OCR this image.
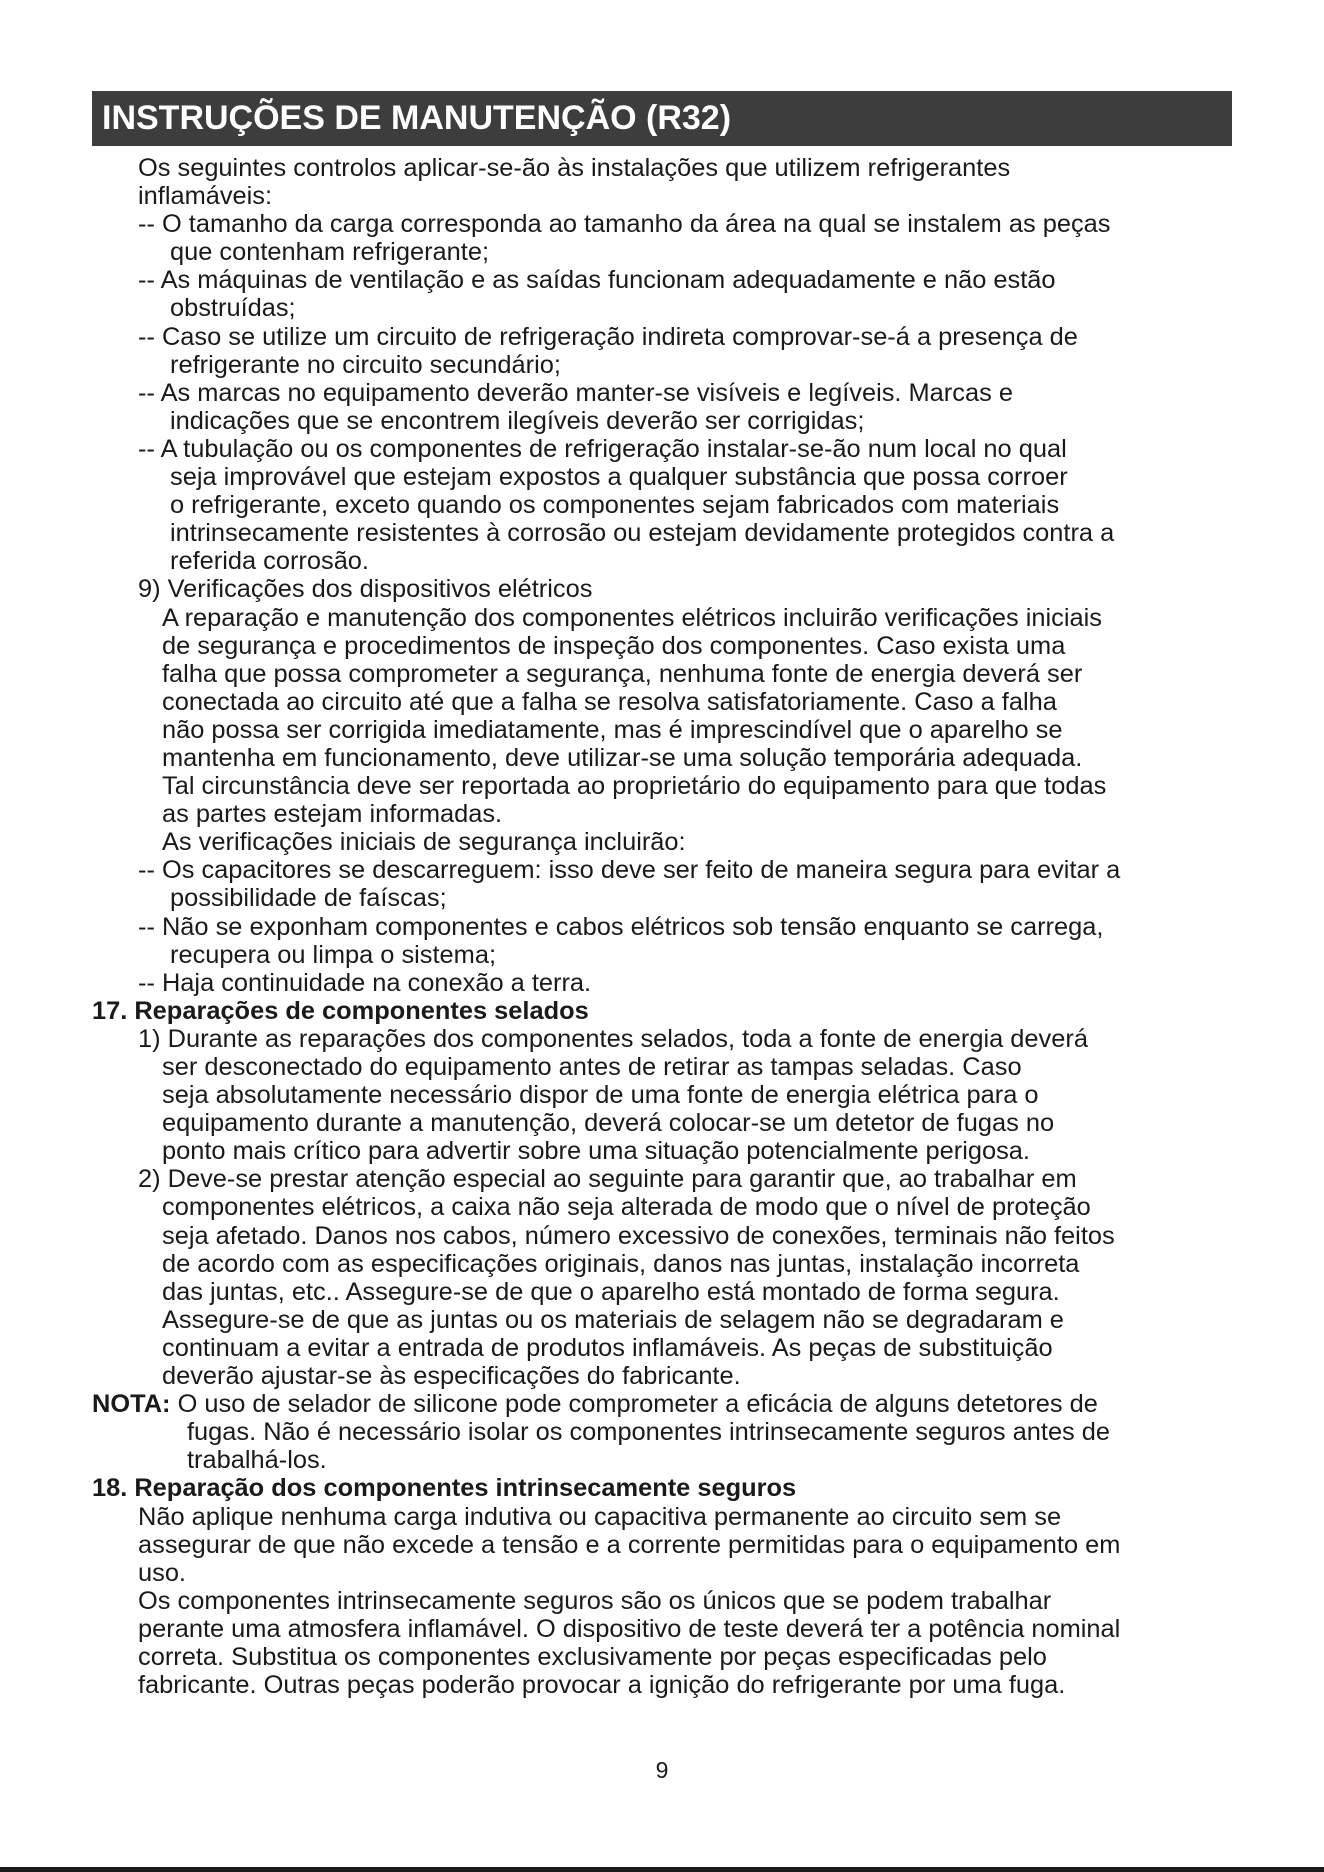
INSTRUÇÕES DE MANUTENÇÃO (R32)
Os seguintes controlos aplicar-se-ão às instalações que utilizem refrigerantes
inflamáveis:
-- O tamanho da carga corresponda ao tamanho da área na qual se instalem as peças
que contenham refrigerante;
-- As máquinas de ventilação e as saídas funcionam adequadamente e não estão
obstruídas;
-- Caso se utilize um circuito de refrigeração indireta comprovar-se-á a presença de
refrigerante no circuito secundário;
-- As marcas no equipamento deverão manter-se visíveis e legíveis. Marcas e
indicações que se encontrem ilegíveis deverão ser corrigidas;
-- A tubulação ou os componentes de refrigeração instalar-se-ão num local no qual
seja improvável que estejam expostos a qualquer substância que possa corroer
o refrigerante, exceto quando os componentes sejam fabricados com materiais
intrinsecamente resistentes à corrosão ou estejam devidamente protegidos contra a
referida corrosão.
9) Verificações dos dispositivos elétricos
A reparação e manutenção dos componentes elétricos incluirão verificações iniciais
de segurança e procedimentos de inspeção dos componentes. Caso exista uma
falha que possa comprometer a segurança, nenhuma fonte de energia deverá ser
conectada ao circuito até que a falha se resolva satisfatoriamente. Caso a falha
não possa ser corrigida imediatamente, mas é imprescindível que o aparelho se
mantenha em funcionamento, deve utilizar-se uma solução temporária adequada.
Tal circunstância deve ser reportada ao proprietário do equipamento para que todas
as partes estejam informadas.
As verificações iniciais de segurança incluirão:
-- Os capacitores se descarreguem: isso deve ser feito de maneira segura para evitar a
possibilidade de faíscas;
-- Não se exponham componentes e cabos elétricos sob tensão enquanto se carrega,
recupera ou limpa o sistema;
-- Haja continuidade na conexão a terra.
17. Reparações de componentes selados
1) Durante as reparações dos componentes selados, toda a fonte de energia deverá
ser desconectado do equipamento antes de retirar as tampas seladas. Caso
seja absolutamente necessário dispor de uma fonte de energia elétrica para o
equipamento durante a manutenção, deverá colocar-se um detetor de fugas no
ponto mais crítico para advertir sobre uma situação potencialmente perigosa.
2) Deve-se prestar atenção especial ao seguinte para garantir que, ao trabalhar em
componentes elétricos, a caixa não seja alterada de modo que o nível de proteção
seja afetado. Danos nos cabos, número excessivo de conexões, terminais não feitos
de acordo com as especificações originais, danos nas juntas, instalação incorreta
das juntas, etc.. Assegure-se de que o aparelho está montado de forma segura.
Assegure-se de que as juntas ou os materiais de selagem não se degradaram e
continuam a evitar a entrada de produtos inflamáveis. As peças de substituição
deverão ajustar-se às especificações do fabricante.
NOTA: O uso de selador de silicone pode comprometer a eficácia de alguns detetores de
fugas. Não é necessário isolar os componentes intrinsecamente seguros antes de
trabalhá-los.
18. Reparação dos componentes intrinsecamente seguros
Não aplique nenhuma carga indutiva ou capacitiva permanente ao circuito sem se
assegurar de que não excede a tensão e a corrente permitidas para o equipamento em
uso.
Os componentes intrinsecamente seguros são os únicos que se podem trabalhar
perante uma atmosfera inflamável. O dispositivo de teste deverá ter a potência nominal
correta. Substitua os componentes exclusivamente por peças especificadas pelo
fabricante. Outras peças poderão provocar a ignição do refrigerante por uma fuga.
9
